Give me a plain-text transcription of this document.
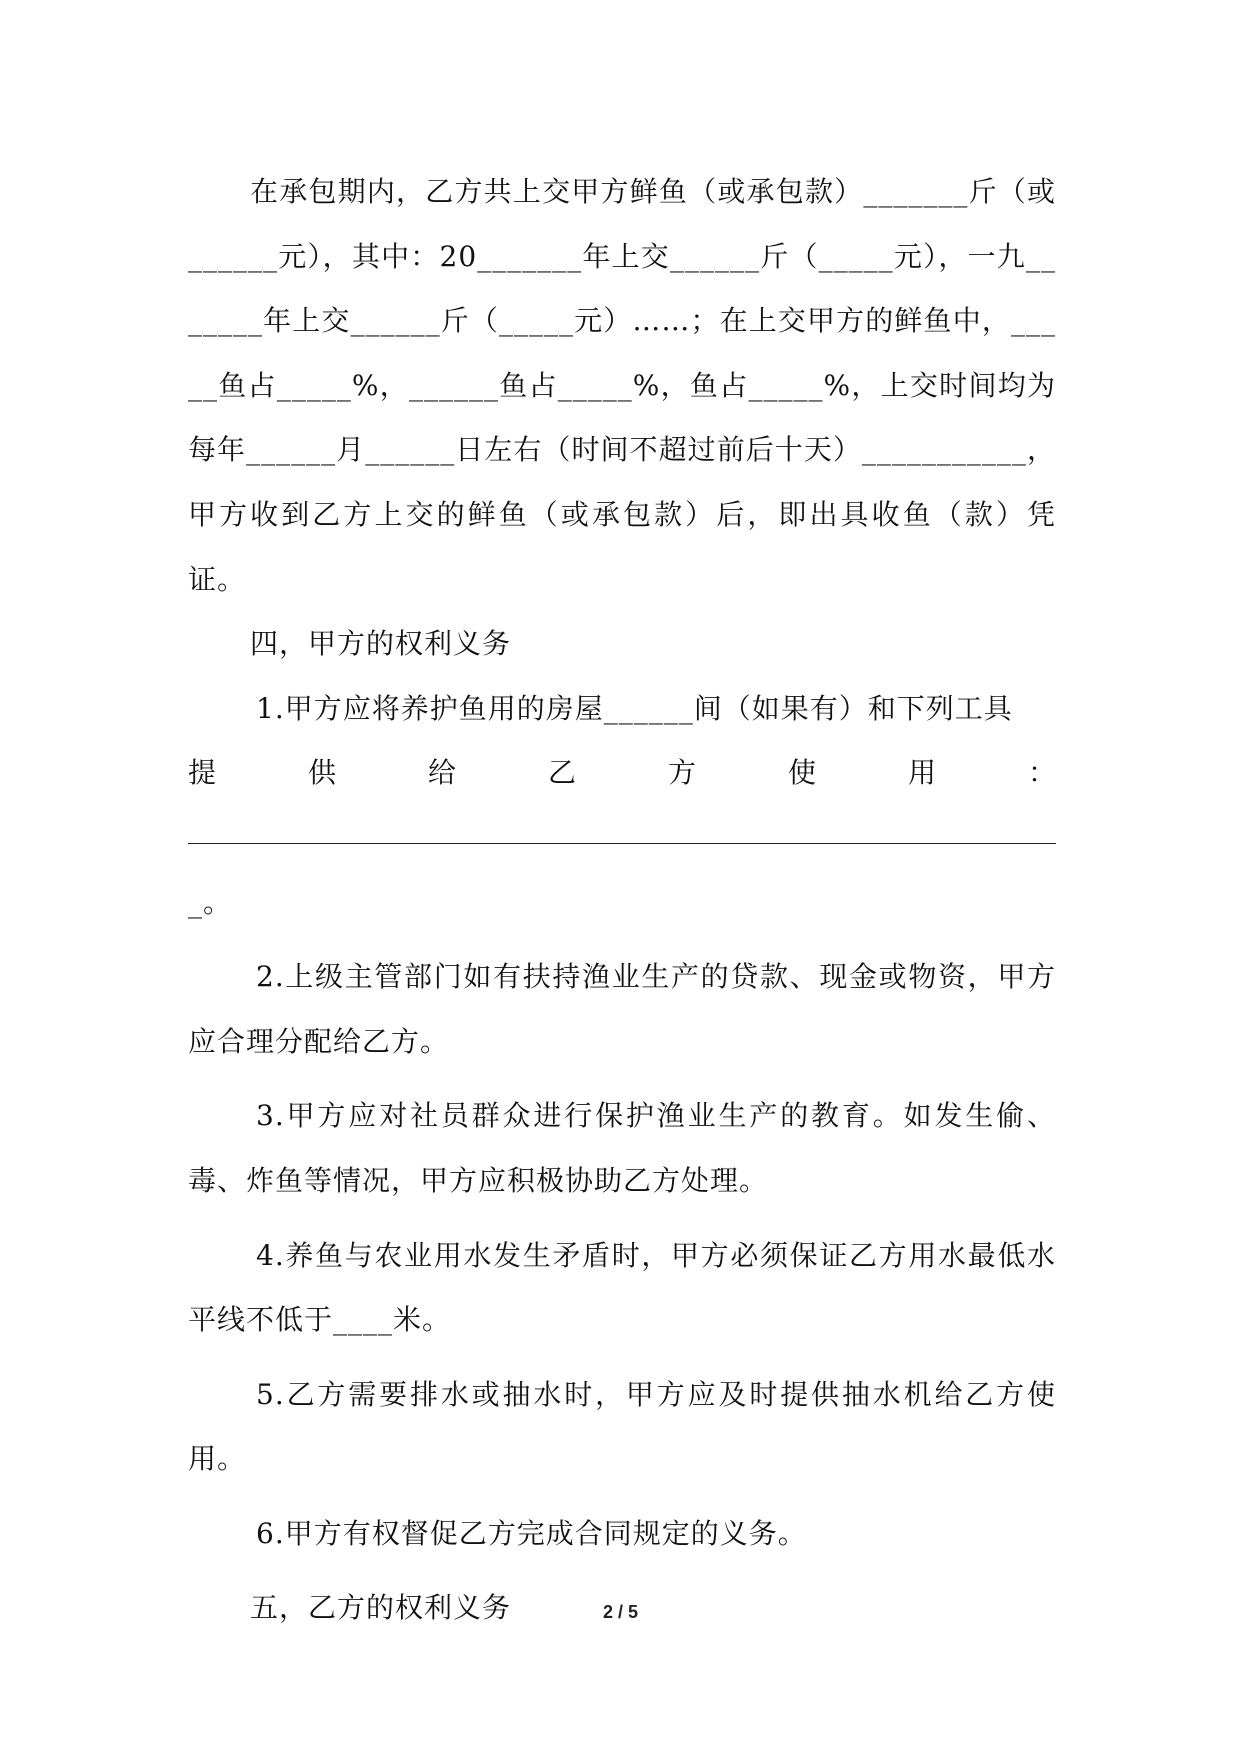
在承包期内，乙方共上交甲方鲜鱼（或承包款）_______斤（或______元），其中：20_______年上交______斤（_____元），一九_______年上交______斤（_____元）……；在上交甲方的鲜鱼中，_____鱼占_____%，______鱼占_____%，鱼占_____%，上交时间均为每年______月______日左右（时间不超过前后十天）___________，甲方收到乙方上交的鲜鱼（或承包款）后，即出具收鱼（款）凭证。

四，甲方的权利义务

1.甲方应将养护鱼用的房屋______间（如果有）和下列工具

提	供	给	乙	方	使	用	：

_。

2.上级主管部门如有扶持渔业生产的贷款、现金或物资，甲方应合理分配给乙方。

3.甲方应对社员群众进行保护渔业生产的教育。如发生偷、毒、炸鱼等情况，甲方应积极协助乙方处理。

4.养鱼与农业用水发生矛盾时，甲方必须保证乙方用水最低水平线不低于____米。

5.乙方需要排水或抽水时，甲方应及时提供抽水机给乙方使用。

6.甲方有权督促乙方完成合同规定的义务。

五，乙方的权利义务	2 / 5
